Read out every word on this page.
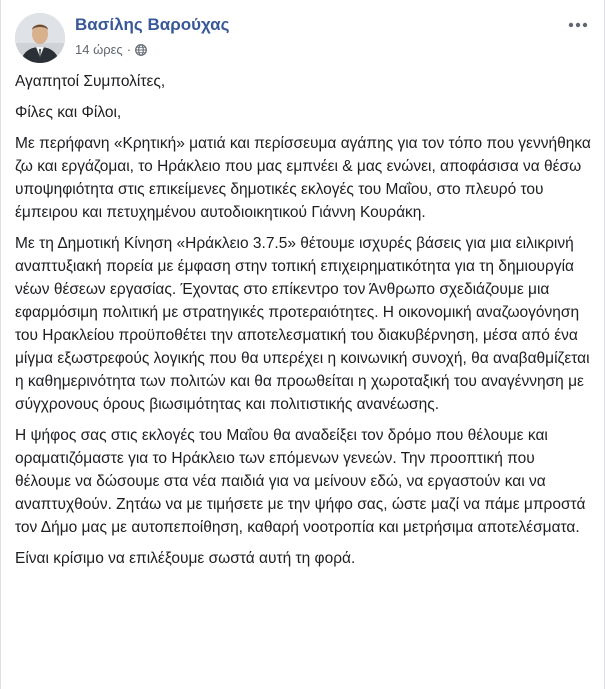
Βασίλης Βαρούχας
14 ώρες ·

Αγαπητοί Συμπολίτες,

Φίλες και Φίλοι,

Με περήφανη «Κρητική» ματιά και περίσσευμα αγάπης για τον τόπο που γεννήθηκα ζω και εργάζομαι, το Ηράκλειο που μας εμπνέει & μας ενώνει, αποφάσισα να θέσω υποψηφιότητα στις επικείμενες δημοτικές εκλογές του Μαΐου, στο πλευρό του έμπειρου και πετυχημένου αυτοδιοικητικού Γιάννη Κουράκη.

Με τη Δημοτική Κίνηση «Ηράκλειο 3.7.5» θέτουμε ισχυρές βάσεις για μια ειλικρινή αναπτυξιακή πορεία με έμφαση στην τοπική επιχειρηματικότητα για τη δημιουργία νέων θέσεων εργασίας. Έχοντας στο επίκεντρο τον Άνθρωπο σχεδιάζουμε μια εφαρμόσιμη πολιτική με στρατηγικές προτεραιότητες. Η οικονομική αναζωογόνηση του Ηρακλείου προϋποθέτει την αποτελεσματική του διακυβέρνηση, μέσα από ένα μίγμα εξωστρεφούς λογικής που θα υπερέχει η κοινωνική συνοχή, θα αναβαθμίζεται η καθημερινότητα των πολιτών και θα προωθείται η χωροταξική του αναγέννηση με σύγχρονους όρους βιωσιμότητας και πολιτιστικής ανανέωσης.

Η ψήφος σας στις εκλογές του Μαΐου θα αναδείξει τον δρόμο που θέλουμε και οραματιζόμαστε για το Ηράκλειο των επόμενων γενεών. Την προοπτική που θέλουμε να δώσουμε στα νέα παιδιά για να μείνουν εδώ, να εργαστούν και να αναπτυχθούν. Ζητάω να με τιμήσετε με την ψήφο σας, ώστε μαζί να πάμε μπροστά τον Δήμο μας με αυτοπεποίθηση, καθαρή νοοτροπία και μετρήσιμα αποτελέσματα.

Είναι κρίσιμο να επιλέξουμε σωστά αυτή τη φορά.
